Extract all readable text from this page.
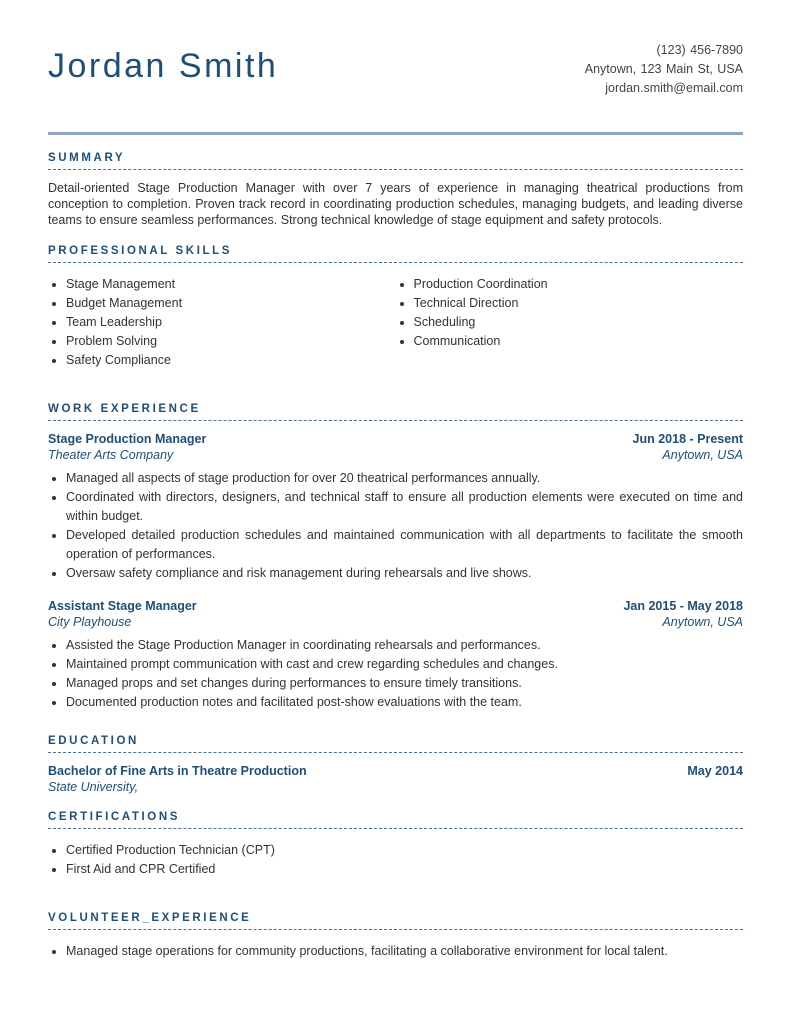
Jordan Smith	(123) 456-7890
Anytown, 123 Main St, USA
jordan.smith@email.com
SUMMARY
Detail-oriented Stage Production Manager with over 7 years of experience in managing theatrical productions from conception to completion. Proven track record in coordinating production schedules, managing budgets, and leading diverse teams to ensure seamless performances. Strong technical knowledge of stage equipment and safety protocols.
PROFESSIONAL SKILLS
Stage Management
Budget Management
Team Leadership
Problem Solving
Safety Compliance
Production Coordination
Technical Direction
Scheduling
Communication
WORK EXPERIENCE
Stage Production Manager	Jun 2018 - Present
Theater Arts Company	Anytown, USA
Managed all aspects of stage production for over 20 theatrical performances annually.
Coordinated with directors, designers, and technical staff to ensure all production elements were executed on time and within budget.
Developed detailed production schedules and maintained communication with all departments to facilitate the smooth operation of performances.
Oversaw safety compliance and risk management during rehearsals and live shows.
Assistant Stage Manager	Jan 2015 - May 2018
City Playhouse	Anytown, USA
Assisted the Stage Production Manager in coordinating rehearsals and performances.
Maintained prompt communication with cast and crew regarding schedules and changes.
Managed props and set changes during performances to ensure timely transitions.
Documented production notes and facilitated post-show evaluations with the team.
EDUCATION
Bachelor of Fine Arts in Theatre Production	May 2014
State University,
CERTIFICATIONS
Certified Production Technician (CPT)
First Aid and CPR Certified
VOLUNTEER_EXPERIENCE
Managed stage operations for community productions, facilitating a collaborative environment for local talent.
